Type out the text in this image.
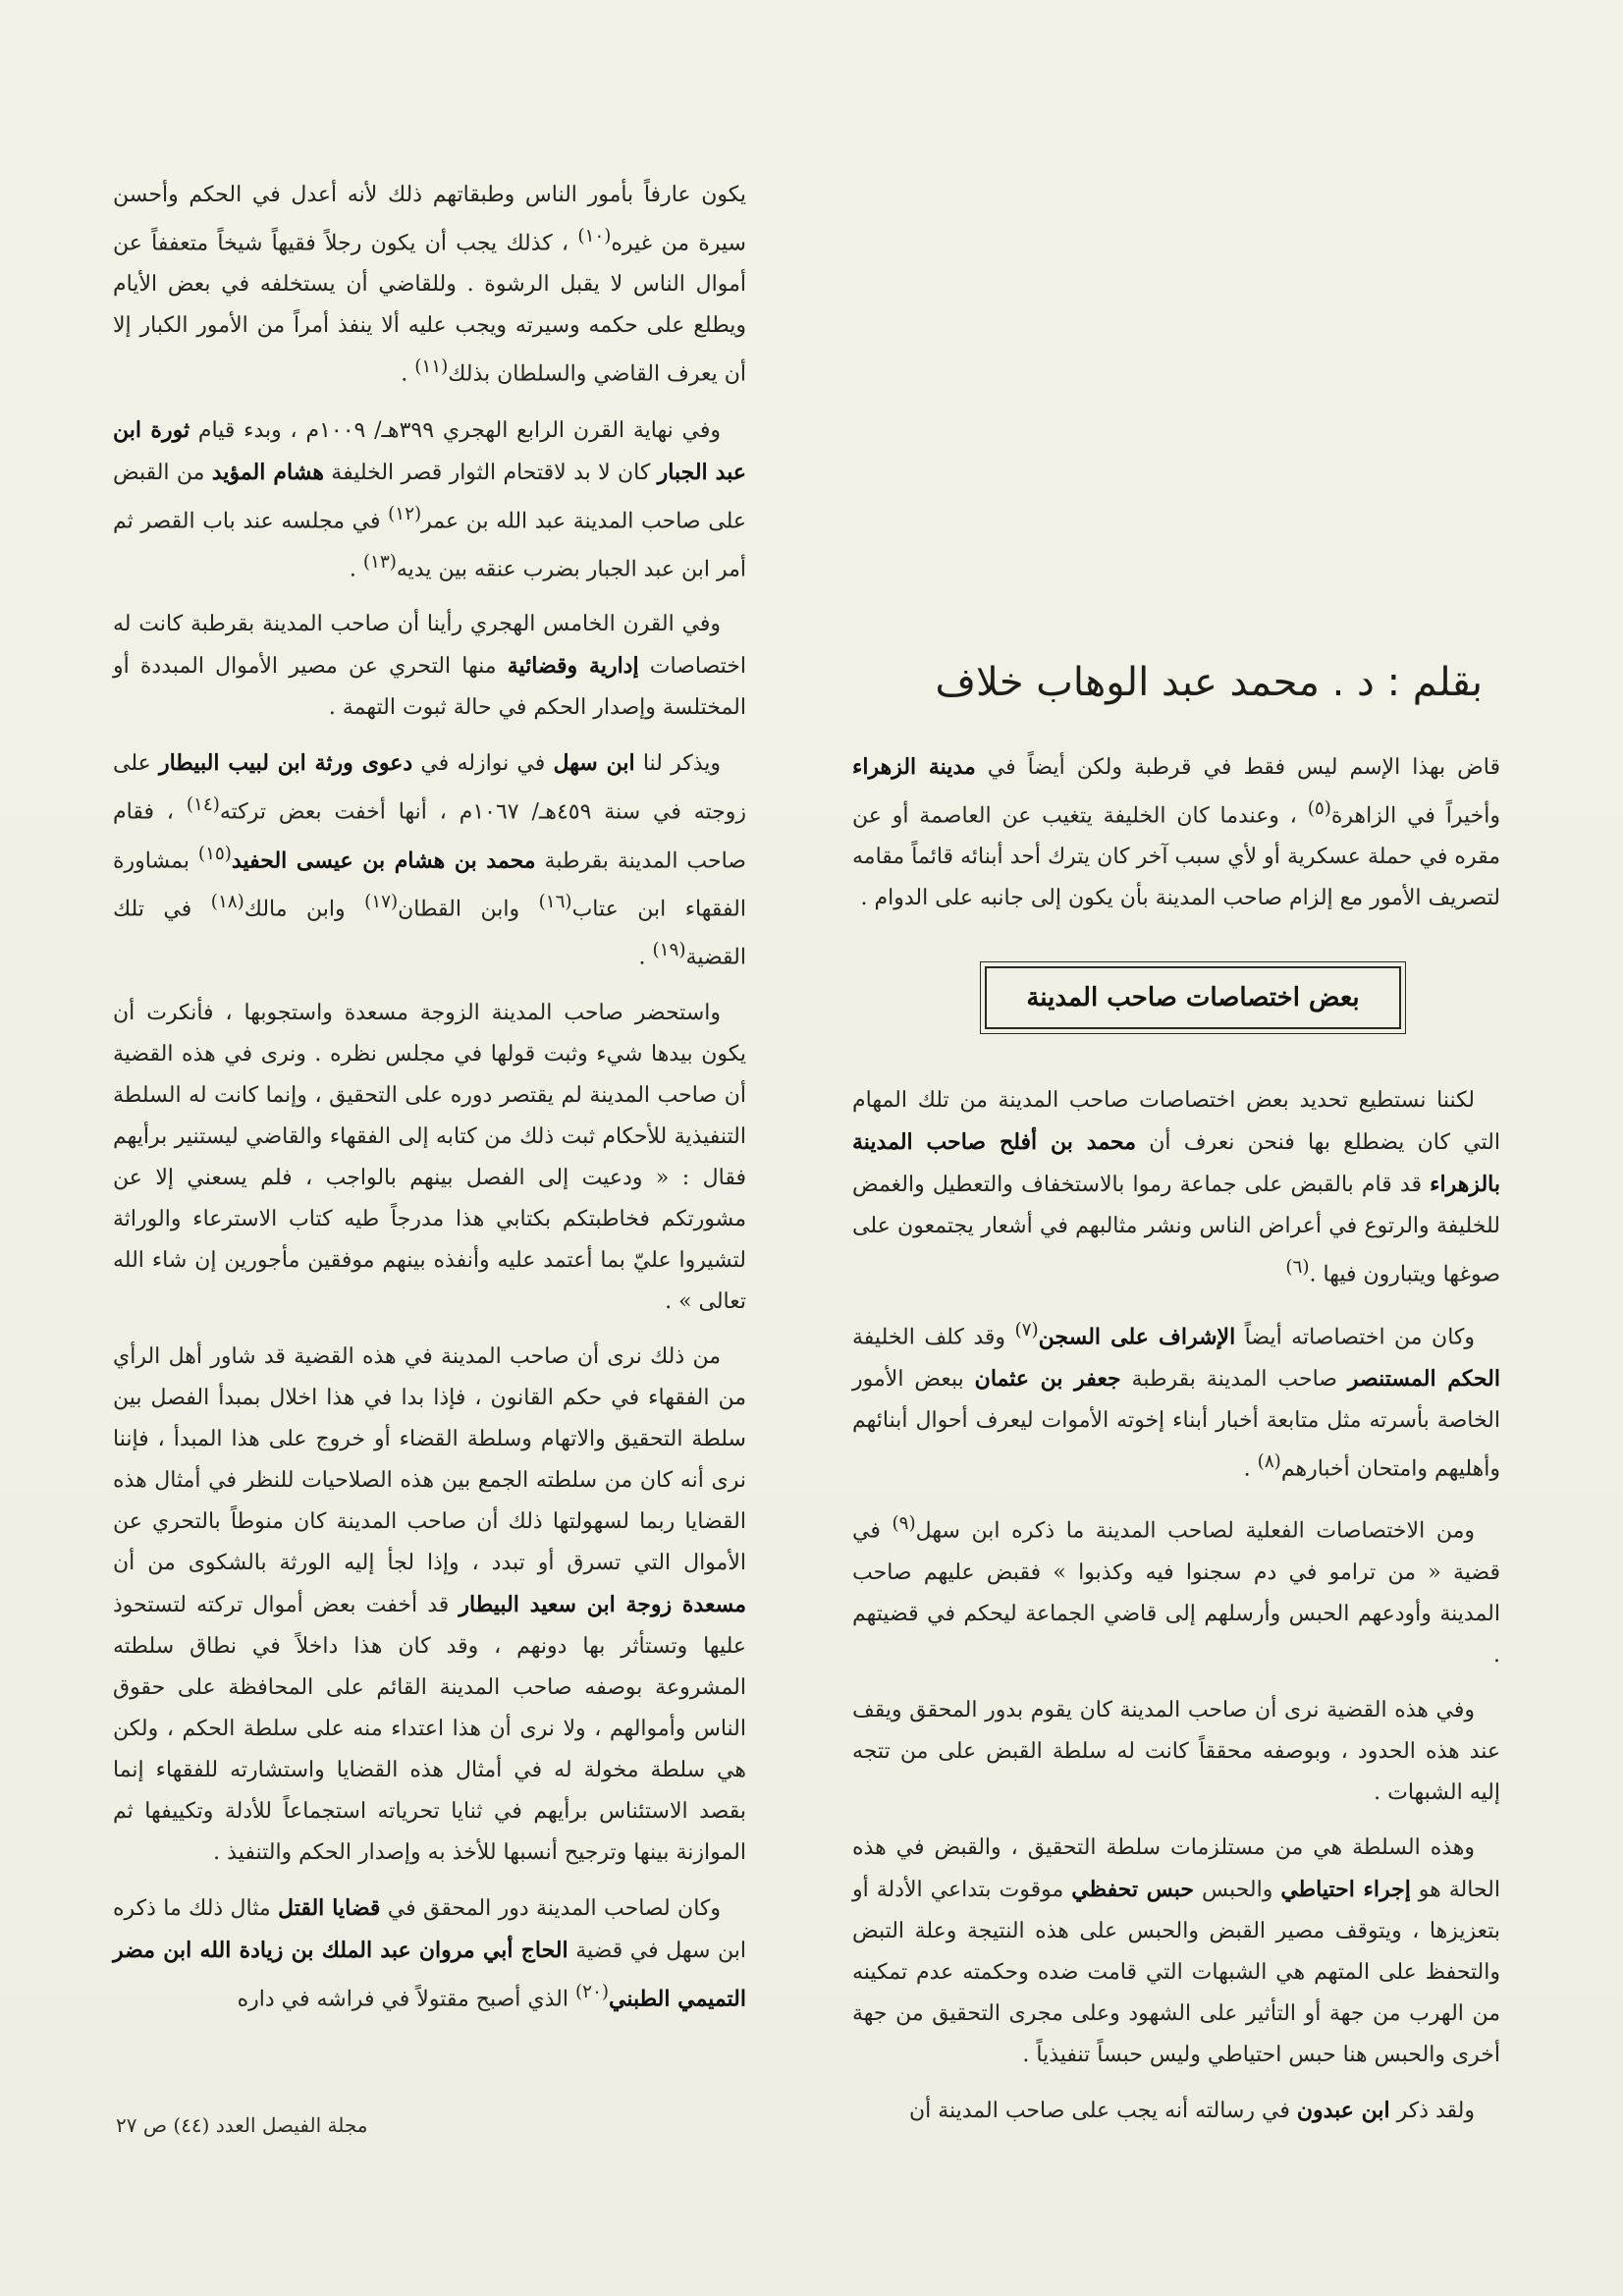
يكون عارفاً بأمور الناس وطبقاتهم ذلك لأنه أعدل في الحكم وأحسن سيرة من غيره$^{(١٠)}$ ، كذلك يجب أن يكون رجلاً فقيهاً شيخاً متعففاً عن أموال الناس لا يقبل الرشوة . وللقاضي أن يستخلفه في بعض الأيام ويطلع على حكمه وسيرته ويجب عليه ألا ينفذ أمراً من الأمور الكبار إلا أن يعرف القاضي والسلطان بذلك$^{(١١)}$ .

وفي نهاية القرن الرابع الهجري ٣٩٩هـ/ ١٠٠٩م ، وبدء قيام ثورة ابن عبد الجبار كان لا بد لاقتحام الثوار قصر الخليفة هشام المؤيد من القبض على صاحب المدينة عبد الله بن عمر$^{(١٢)}$ في مجلسه عند باب القصر ثم أمر ابن عبد الجبار بضرب عنقه بين يديه$^{(١٣)}$ .

وفي القرن الخامس الهجري رأينا أن صاحب المدينة بقرطبة كانت له اختصاصات إدارية وقضائية منها التحري عن مصير الأموال المبددة أو المختلسة وإصدار الحكم في حالة ثبوت التهمة .

ويذكر لنا ابن سهل في نوازله في دعوى ورثة ابن لبيب البيطار على زوجته في سنة ٤٥٩هـ/ ١٠٦٧م ، أنها أخفت بعض تركته$^{(١٤)}$ ، فقام صاحب المدينة بقرطبة محمد بن هشام بن عيسى الحفيد$^{(١٥)}$ بمشاورة الفقهاء ابن عتاب$^{(١٦)}$ وابن القطان$^{(١٧)}$ وابن مالك$^{(١٨)}$ في تلك القضية$^{(١٩)}$ .

واستحضر صاحب المدينة الزوجة مسعدة واستجوبها ، فأنكرت أن يكون بيدها شيء وثبت قولها في مجلس نظره . ونرى في هذه القضية أن صاحب المدينة لم يقتصر دوره على التحقيق ، وإنما كانت له السلطة التنفيذية للأحكام ثبت ذلك من كتابه إلى الفقهاء والقاضي ليستنير برأيهم فقال : « ودعيت إلى الفصل بينهم بالواجب ، فلم يسعني إلا عن مشورتكم فخاطبتكم بكتابي هذا مدرجاً طيه كتاب الاسترعاء والوراثة لتشيروا عليّ بما أعتمد عليه وأنفذه بينهم موفقين مأجورين إن شاء الله تعالى » .

من ذلك نرى أن صاحب المدينة في هذه القضية قد شاور أهل الرأي من الفقهاء في حكم القانون ، فإذا بدا في هذا اخلال بمبدأ الفصل بين سلطة التحقيق والاتهام وسلطة القضاء أو خروج على هذا المبدأ ، فإننا نرى أنه كان من سلطته الجمع بين هذه الصلاحيات للنظر في أمثال هذه القضايا ربما لسهولتها ذلك أن صاحب المدينة كان منوطاً بالتحري عن الأموال التي تسرق أو تبدد ، وإذا لجأ إليه الورثة بالشكوى من أن مسعدة زوجة ابن سعيد البيطار قد أخفت بعض أموال تركته لتستحوذ عليها وتستأثر بها دونهم ، وقد كان هذا داخلاً في نطاق سلطته المشروعة بوصفه صاحب المدينة القائم على المحافظة على حقوق الناس وأموالهم ، ولا نرى أن هذا اعتداء منه على سلطة الحكم ، ولكن هي سلطة مخولة له في أمثال هذه القضايا واستشارته للفقهاء إنما بقصد الاستئناس برأيهم في ثنايا تحرياته استجماعاً للأدلة وتكييفها ثم الموازنة بينها وترجيح أنسبها للأخذ به وإصدار الحكم والتنفيذ .

وكان لصاحب المدينة دور المحقق في قضايا القتل مثال ذلك ما ذكره ابن سهل في قضية الحاج أبي مروان عبد الملك بن زيادة الله ابن مضر التميمي الطبني$^{(٢٠)}$ الذي أصبح مقتولاً في فراشه في داره

بقلم : د . محمد عبد الوهاب خلاف

قاض بهذا الإسم ليس فقط في قرطبة ولكن أيضاً في مدينة الزهراء وأخيراً في الزاهرة$^{(٥)}$ ، وعندما كان الخليفة يتغيب عن العاصمة أو عن مقره في حملة عسكرية أو لأي سبب آخر كان يترك أحد أبنائه قائماً مقامه لتصريف الأمور مع إلزام صاحب المدينة بأن يكون إلى جانبه على الدوام .

لكننا نستطيع تحديد بعض اختصاصات صاحب المدينة من تلك المهام التي كان يضطلع بها فنحن نعرف أن محمد بن أفلح صاحب المدينة بالزهراء قد قام بالقبض على جماعة رموا بالاستخفاف والتعطيل والغمض للخليفة والرتوع في أعراض الناس ونشر مثالبهم في أشعار يجتمعون على صوغها ويتبارون فيها .$^{(٦)}$

وكان من اختصاصاته أيضاً الإشراف على السجن$^{(٧)}$ وقد كلف الخليفة الحكم المستنصر صاحب المدينة بقرطبة جعفر بن عثمان ببعض الأمور الخاصة بأسرته مثل متابعة أخبار أبناء إخوته الأموات ليعرف أحوال أبنائهم وأهليهم وامتحان أخبارهم$^{(٨)}$ .

ومن الاختصاصات الفعلية لصاحب المدينة ما ذكره ابن سهل$^{(٩)}$ في قضية « من ترامو في دم سجنوا فيه وكذبوا » فقبض عليهم صاحب المدينة وأودعهم الحبس وأرسلهم إلى قاضي الجماعة ليحكم في قضيتهم .

وفي هذه القضية نرى أن صاحب المدينة كان يقوم بدور المحقق ويقف عند هذه الحدود ، وبوصفه محققاً كانت له سلطة القبض على من تتجه إليه الشبهات .

وهذه السلطة هي من مستلزمات سلطة التحقيق ، والقبض في هذه الحالة هو إجراء احتياطي والحبس حبس تحفظي موقوت بتداعي الأدلة أو بتعزيزها ، ويتوقف مصير القبض والحبس على هذه النتيجة وعلة التبض والتحفظ على المتهم هي الشبهات التي قامت ضده وحكمته عدم تمكينه من الهرب من جهة أو التأثير على الشهود وعلى مجرى التحقيق من جهة أخرى والحبس هنا حبس احتياطي وليس حبساً تنفيذياً .

ولقد ذكر ابن عبدون في رسالته أنه يجب على صاحب المدينة أن

بعض اختصاصات صاحب المدينة
مجلة الفيصل العدد (٤٤) ص ٢٧
